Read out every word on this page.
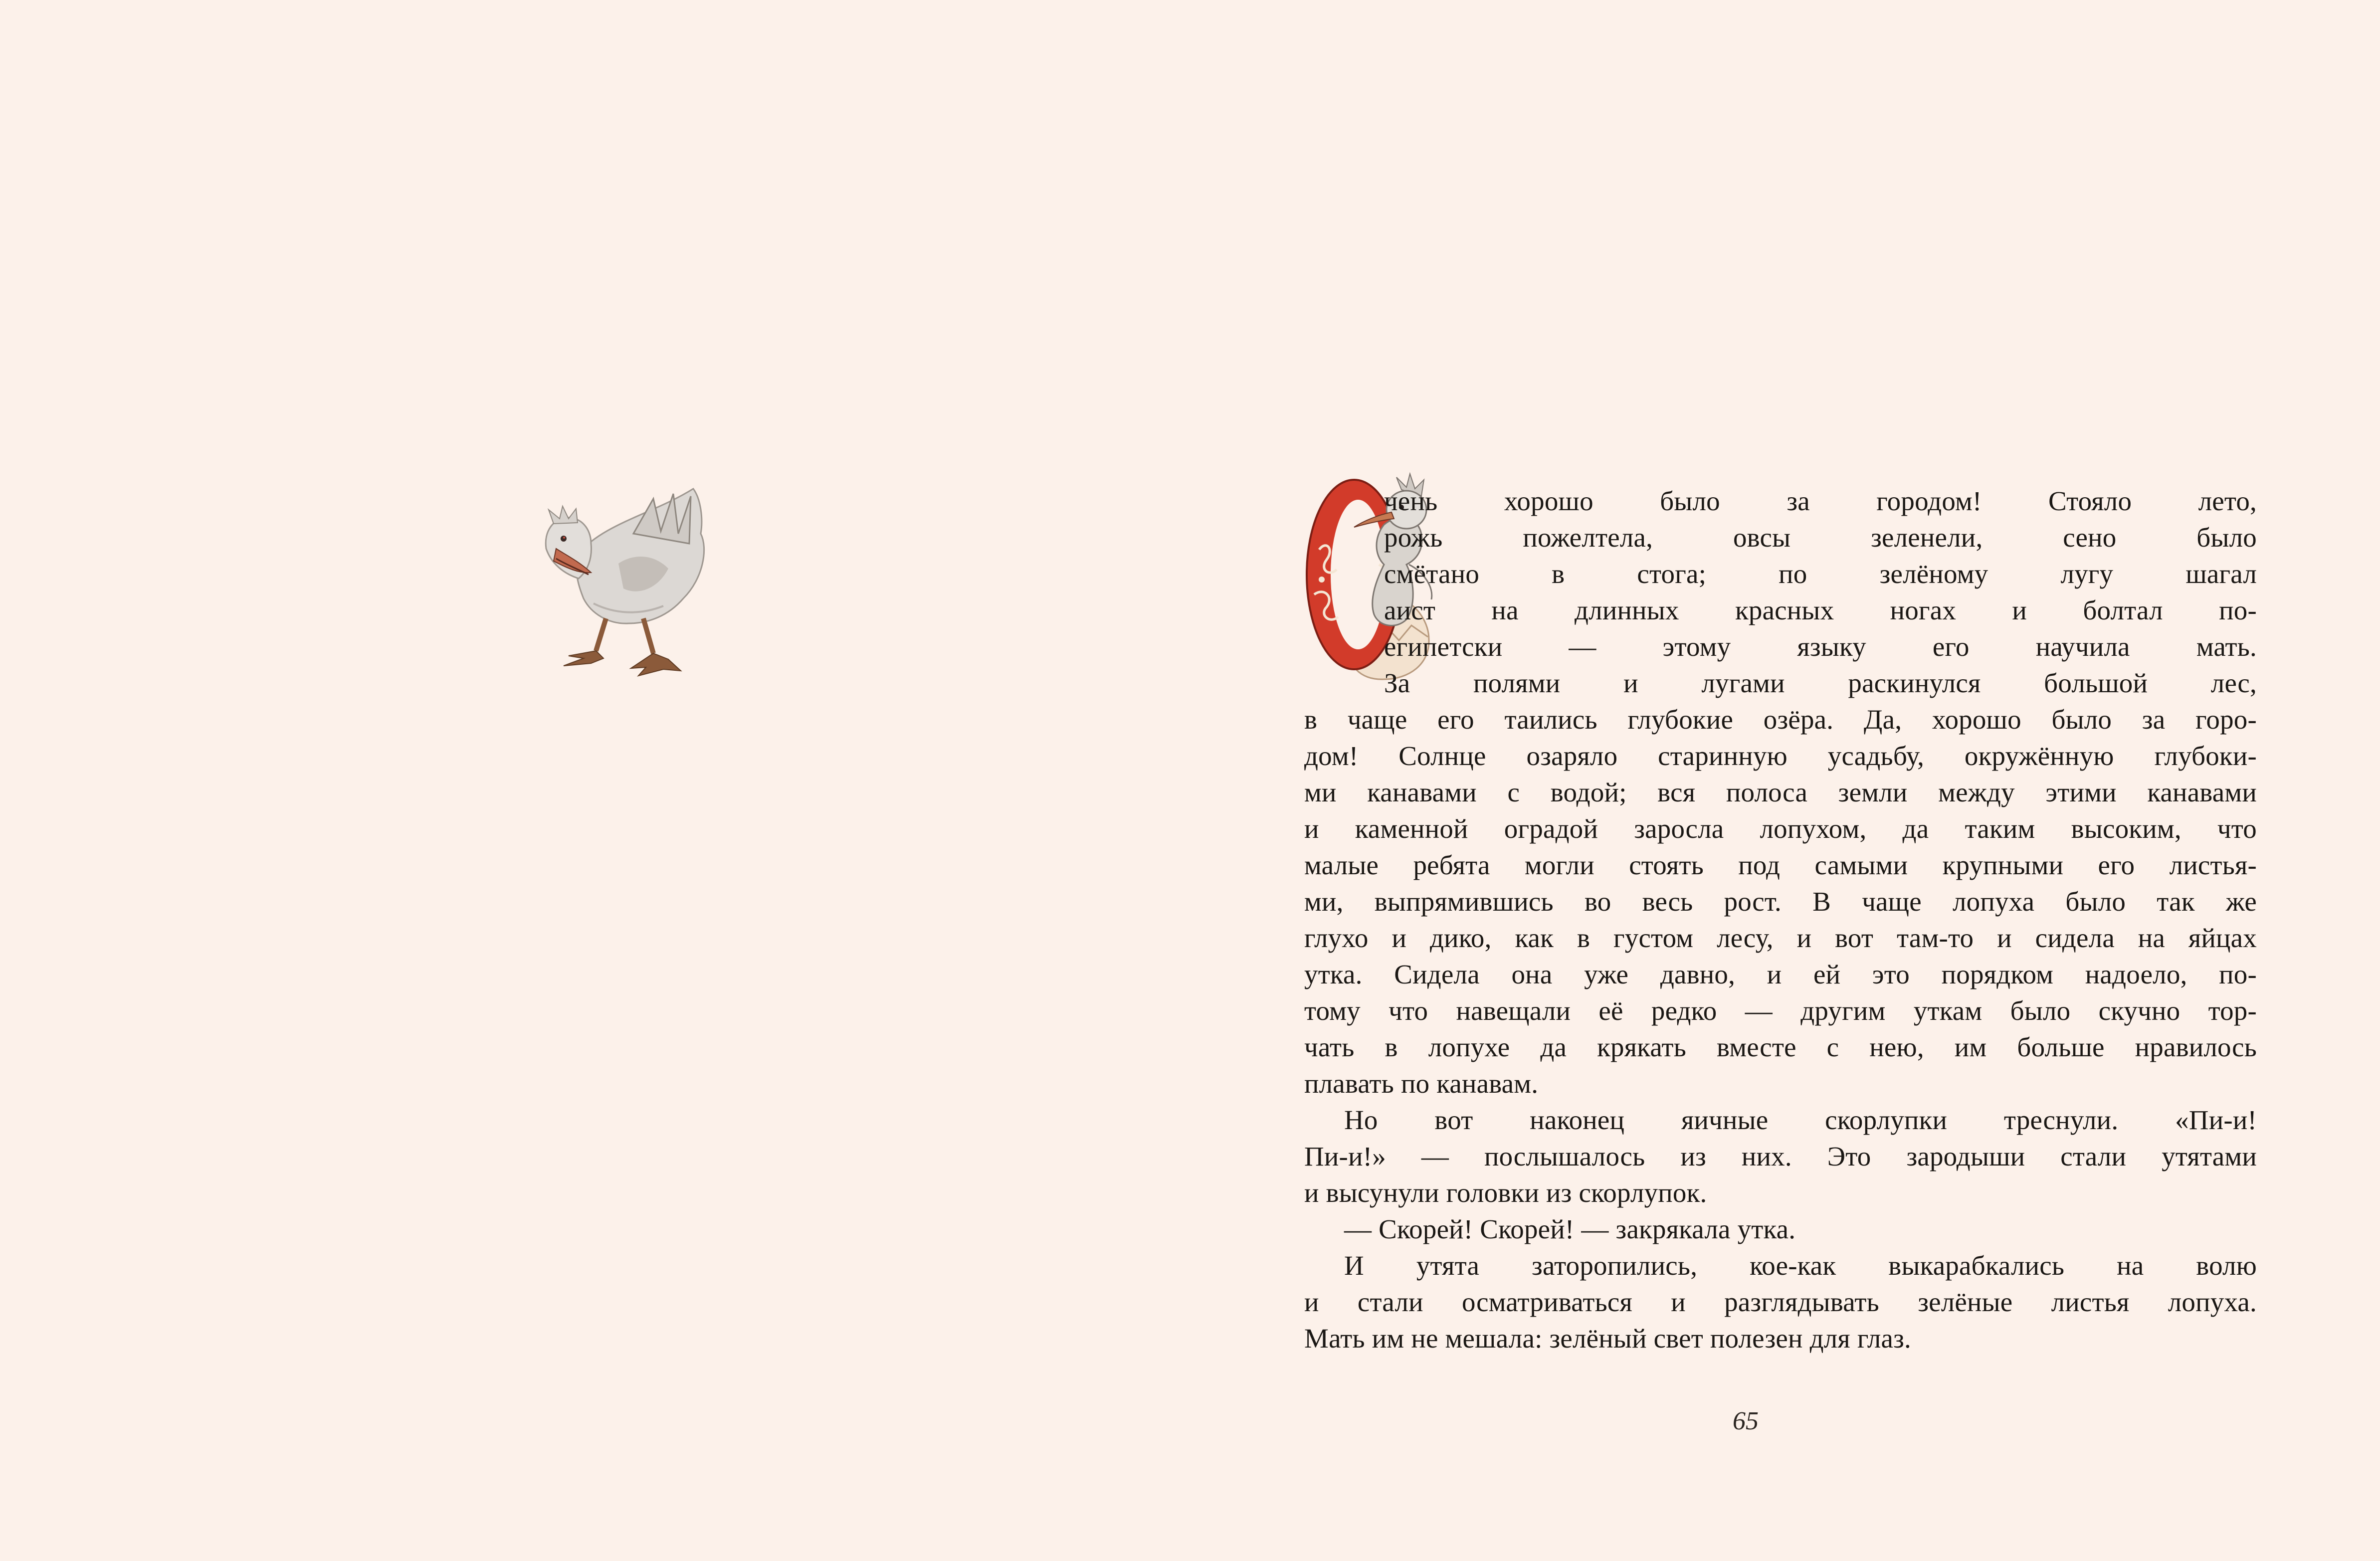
чень хорошо было за городом! Стояло лето,
рожь пожелтела, овсы зеленели, сено было
смётано в стога; по зелёному лугу шагал
аист на длинных красных ногах и болтал по-
египетски — этому языку его научила мать.
За полями и лугами раскинулся большой лес,
в чаще его таились глубокие озёра. Да, хорошо было за горо-
дом! Солнце озаряло старинную усадьбу, окружённую глубоки-
ми канавами с водой; вся полоса земли между этими канавами
и каменной оградой заросла лопухом, да таким высоким, что
малые ребята могли стоять под самыми крупными его листья-
ми, выпрямившись во весь рост. В чаще лопуха было так же
глухо и дико, как в густом лесу, и вот там-то и сидела на яйцах
утка. Сидела она уже давно, и ей это порядком надоело, по-
тому что навещали её редко — другим уткам было скучно тор-
чать в лопухе да крякать вместе с нею, им больше нравилось
плавать по канавам.
Но вот наконец яичные скорлупки треснули. «Пи-и!
Пи-и!» — послышалось из них. Это зародыши стали утятами
и высунули головки из скорлупок.
— Скорей! Скорей! — закрякала утка.
И утята заторопились, кое-как выкарабкались на волю
и стали осматриваться и разглядывать зелёные листья лопуха.
Мать им не мешала: зелёный свет полезен для глаз.
65
